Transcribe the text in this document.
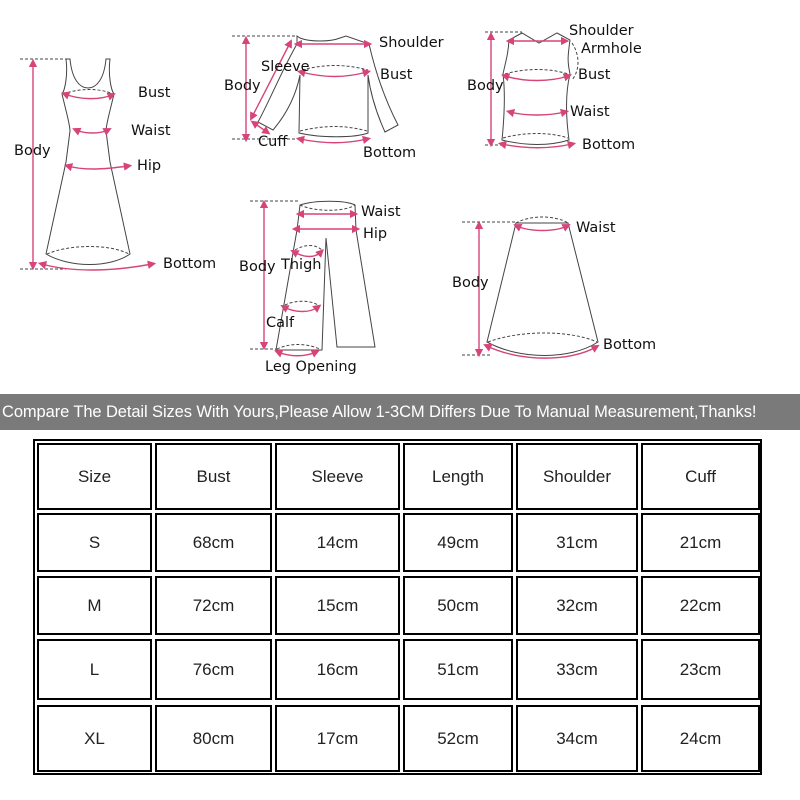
Body
Bust
Waist
Hip
Bottom
Body
Sleeve
Shoulder
Bust
Cuff
Bottom
Body
Shoulder
Armhole
Bust
Waist
Bottom
Body
Waist
Hip
Thigh
Calf
Leg Opening
Body
Waist
Bottom
Compare The Detail Sizes With Yours,Please Allow 1-3CM Differs Due To Manual Measurement,Thanks!
Size	Bust	Sleeve	Length	Shoulder	Cuff
S	68cm	14cm	49cm	31cm	21cm
M	72cm	15cm	50cm	32cm	22cm
L	76cm	16cm	51cm	33cm	23cm
XL	80cm	17cm	52cm	34cm	24cm
